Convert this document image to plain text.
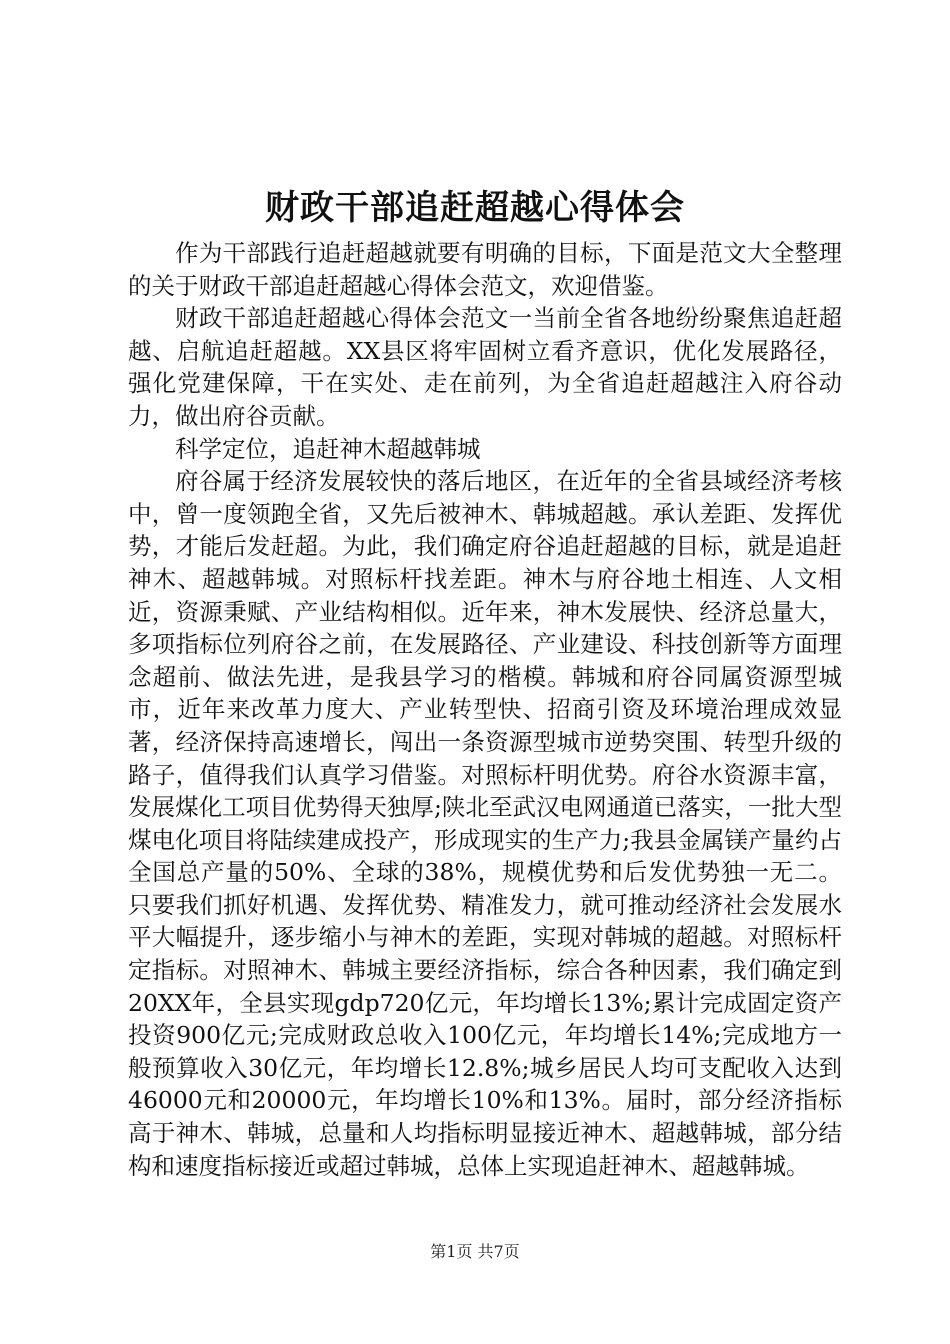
财政干部追赶超越心得体会

作为干部践行追赶超越就要有明确的目标，下面是范文大全整理的关于财政干部追赶超越心得体会范文，欢迎借鉴。

财政干部追赶超越心得体会范文一当前全省各地纷纷聚焦追赶超越、启航追赶超越。XX县区将牢固树立看齐意识，优化发展路径，强化党建保障，干在实处、走在前列，为全省追赶超越注入府谷动力，做出府谷贡献。

科学定位，追赶神木超越韩城

府谷属于经济发展较快的落后地区，在近年的全省县域经济考核中，曾一度领跑全省，又先后被神木、韩城超越。承认差距、发挥优势，才能后发赶超。为此，我们确定府谷追赶超越的目标，就是追赶神木、超越韩城。对照标杆找差距。神木与府谷地土相连、人文相近，资源秉赋、产业结构相似。近年来，神木发展快、经济总量大，多项指标位列府谷之前，在发展路径、产业建设、科技创新等方面理念超前、做法先进，是我县学习的楷模。韩城和府谷同属资源型城市，近年来改革力度大、产业转型快、招商引资及环境治理成效显著，经济保持高速增长，闯出一条资源型城市逆势突围、转型升级的路子，值得我们认真学习借鉴。对照标杆明优势。府谷水资源丰富，发展煤化工项目优势得天独厚;陕北至武汉电网通道已落实，一批大型煤电化项目将陆续建成投产，形成现实的生产力;我县金属镁产量约占全国总产量的50%、全球的38%，规模优势和后发优势独一无二。只要我们抓好机遇、发挥优势、精准发力，就可推动经济社会发展水平大幅提升，逐步缩小与神木的差距，实现对韩城的超越。对照标杆定指标。对照神木、韩城主要经济指标，综合各种因素，我们确定到20XX年，全县实现gdp720亿元，年均增长13%;累计完成固定资产投资900亿元;完成财政总收入100亿元，年均增长14%;完成地方一般预算收入30亿元，年均增长12.8%;城乡居民人均可支配收入达到46000元和20000元，年均增长10%和13%。届时，部分经济指标高于神木、韩城，总量和人均指标明显接近神木、超越韩城，部分结构和速度指标接近或超过韩城，总体上实现追赶神木、超越韩城。

第1页 共7页
